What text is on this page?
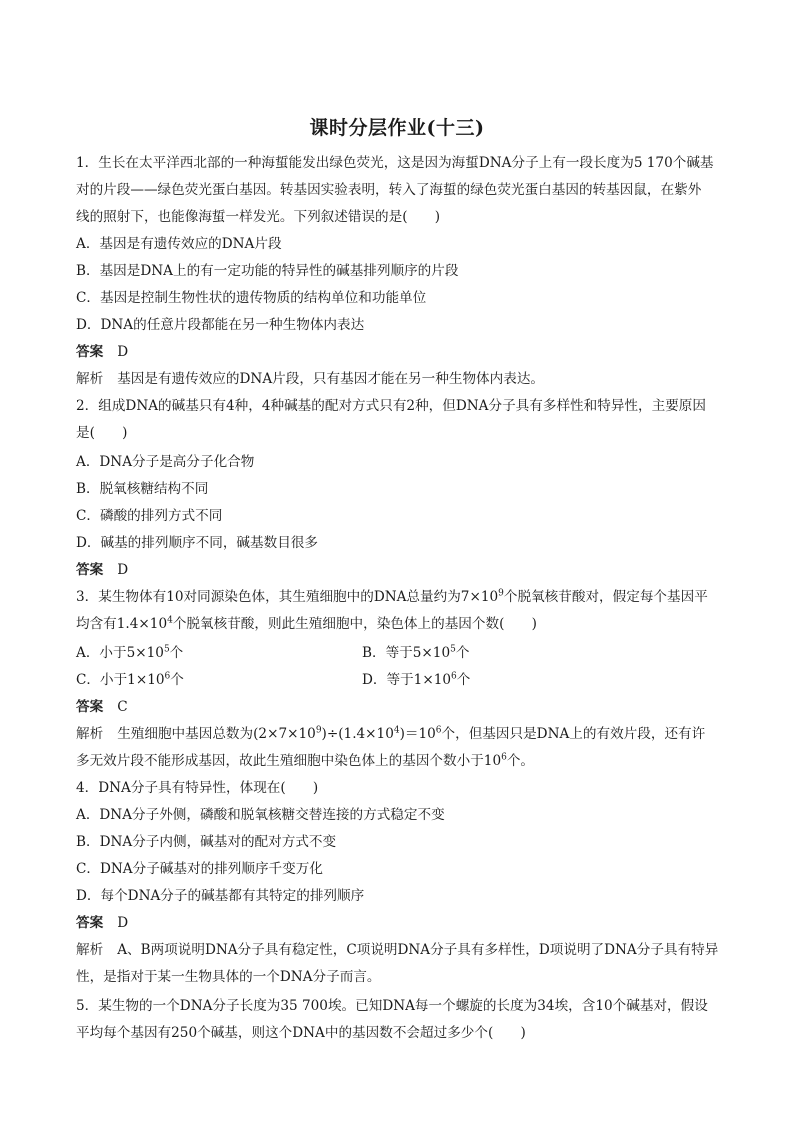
课时分层作业(十三)
1．生长在太平洋西北部的一种海蜇能发出绿色荧光，这是因为海蜇DNA分子上有一段长度为5 170个碱基
对的片段——绿色荧光蛋白基因。转基因实验表明，转入了海蜇的绿色荧光蛋白基因的转基因鼠，在紫外
线的照射下，也能像海蜇一样发光。下列叙述错误的是(　　)
A．基因是有遗传效应的DNA片段
B．基因是DNA上的有一定功能的特异性的碱基排列顺序的片段
C．基因是控制生物性状的遗传物质的结构单位和功能单位
D．DNA的任意片段都能在另一种生物体内表达
答案 D
解析 基因是有遗传效应的DNA片段，只有基因才能在另一种生物体内表达。
2．组成DNA的碱基只有4种，4种碱基的配对方式只有2种，但DNA分子具有多样性和特异性，主要原因
是(　　)
A．DNA分子是高分子化合物
B．脱氧核糖结构不同
C．磷酸的排列方式不同
D．碱基的排列顺序不同，碱基数目很多
答案 D
3．某生物体有10对同源染色体，其生殖细胞中的DNA总量约为$7\times 10^9$个脱氧核苷酸对，假定每个基因平
均含有$1.4\times 10^4$个脱氧核苷酸，则此生殖细胞中，染色体上的基因个数(　　)
A．小于$5\times 10^5$个	B．等于$5\times 10^5$个
C．小于$1\times 10^6$个	D．等于$1\times 10^6$个
答案 C
解析 生殖细胞中基因总数为$(2\times 7\times 10^9)\div(1.4\times 10^4)=10^6$个，但基因只是DNA上的有效片段，还有许
多无效片段不能形成基因，故此生殖细胞中染色体上的基因个数小于$10^6$个。
4．DNA分子具有特异性，体现在(　　)
A．DNA分子外侧，磷酸和脱氧核糖交替连接的方式稳定不变
B．DNA分子内侧，碱基对的配对方式不变
C．DNA分子碱基对的排列顺序千变万化
D．每个DNA分子的碱基都有其特定的排列顺序
答案 D
解析 A、B两项说明DNA分子具有稳定性，C项说明DNA分子具有多样性，D项说明了DNA分子具有特异
性，是指对于某一生物具体的一个DNA分子而言。
5．某生物的一个DNA分子长度为35 700埃。已知DNA每一个螺旋的长度为34埃，含10个碱基对，假设
平均每个基因有250个碱基，则这个DNA中的基因数不会超过多少个(　　)
